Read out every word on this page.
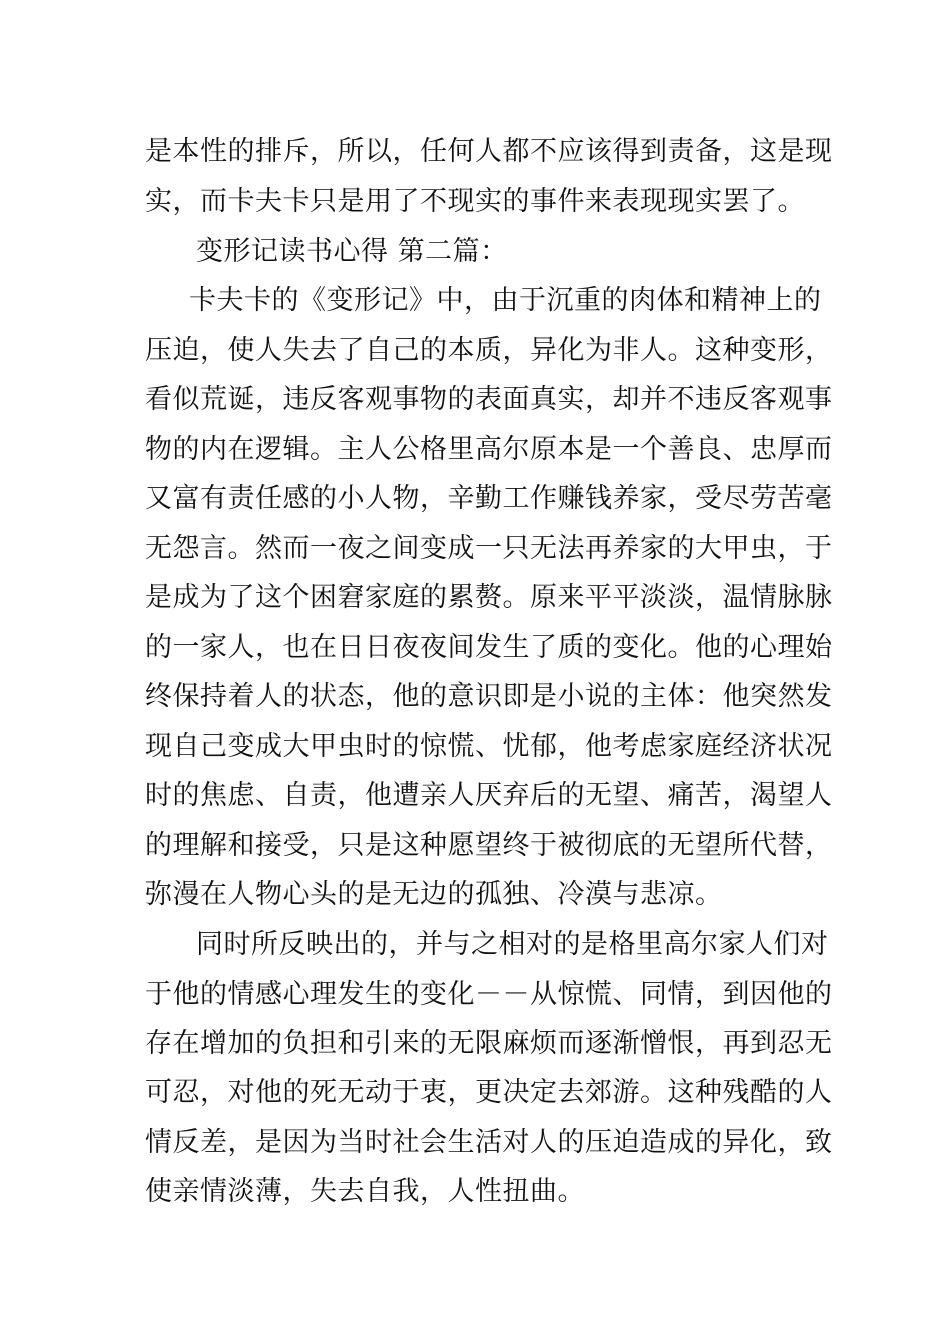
是本性的排斥，所以，任何人都不应该得到责备，这是现
实，而卡夫卡只是用了不现实的事件来表现现实罢了。
变形记读书心得 第二篇：
卡夫卡的《变形记》中，由于沉重的肉体和精神上的
压迫，使人失去了自己的本质，异化为非人。这种变形，
看似荒诞，违反客观事物的表面真实，却并不违反客观事
物的内在逻辑。主人公格里高尔原本是一个善良、忠厚而
又富有责任感的小人物，辛勤工作赚钱养家，受尽劳苦毫
无怨言。然而一夜之间变成一只无法再养家的大甲虫，于
是成为了这个困窘家庭的累赘。原来平平淡淡，温情脉脉
的一家人，也在日日夜夜间发生了质的变化。他的心理始
终保持着人的状态，他的意识即是小说的主体：他突然发
现自己变成大甲虫时的惊慌、忧郁，他考虑家庭经济状况
时的焦虑、自责，他遭亲人厌弃后的无望、痛苦，渴望人
的理解和接受，只是这种愿望终于被彻底的无望所代替，
弥漫在人物心头的是无边的孤独、冷漠与悲凉。
同时所反映出的，并与之相对的是格里高尔家人们对
于他的情感心理发生的变化－－从惊慌、同情，到因他的
存在增加的负担和引来的无限麻烦而逐渐憎恨，再到忍无
可忍，对他的死无动于衷，更决定去郊游。这种残酷的人
情反差，是因为当时社会生活对人的压迫造成的异化，致
使亲情淡薄，失去自我，人性扭曲。
